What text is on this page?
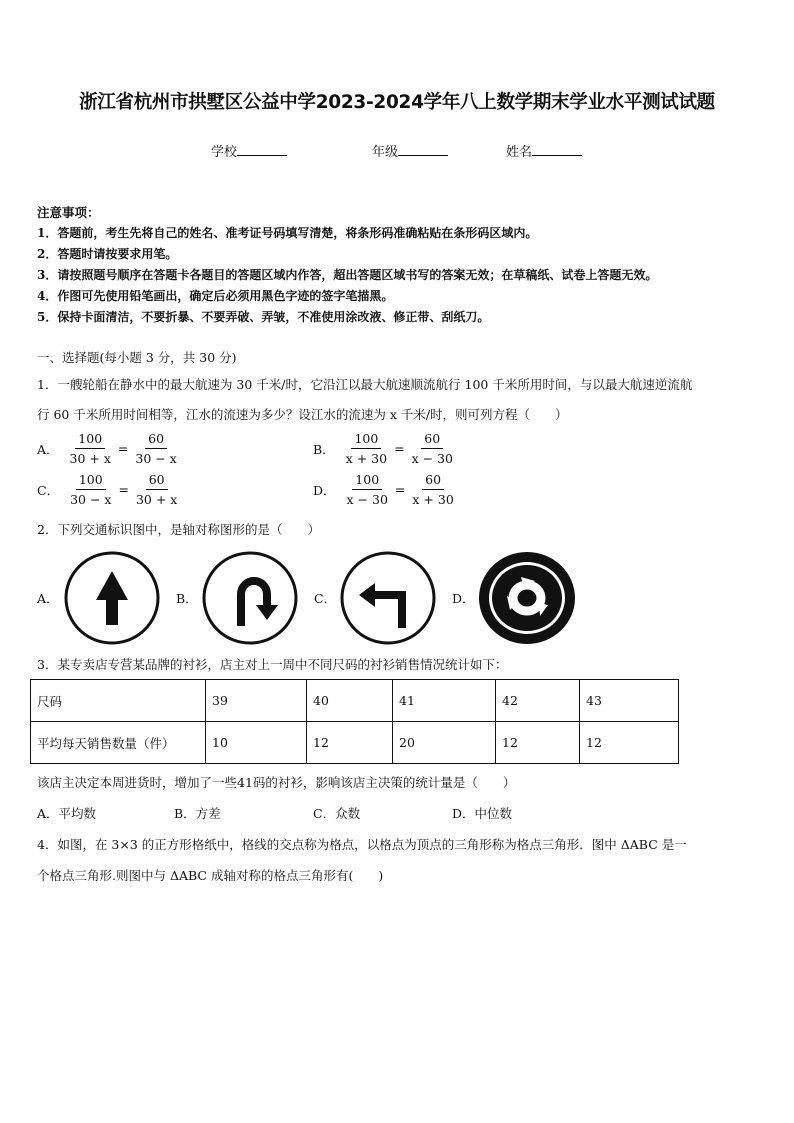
浙江省杭州市拱墅区公益中学2023-2024学年八上数学期末学业水平测试试题
学校	年级	姓名
注意事项：
1．答题前，考生先将自己的姓名、准考证号码填写清楚，将条形码准确粘贴在条形码区域内。
2．答题时请按要求用笔。
3．请按照题号顺序在答题卡各题目的答题区域内作答，超出答题区域书写的答案无效；在草稿纸、试卷上答题无效。
4．作图可先使用铅笔画出，确定后必须用黑色字迹的签字笔描黑。
5．保持卡面清洁，不要折暴、不要弄破、弄皱，不准使用涂改液、修正带、刮纸刀。
一、选择题(每小题 3 分，共 30 分)
1．一艘轮船在静水中的最大航速为 30 千米/时，它沿江以最大航速顺流航行 100 千米所用时间，与以最大航速逆流航
行 60 千米所用时间相等，江水的流速为多少？设江水的流速为 x 千米/时，则可列方程（　　）
A． $\frac{100}{30 + x} = \frac{60}{30 - x}$	B． $\frac{100}{x + 30} = \frac{60}{x - 30}$
C． $\frac{100}{30 - x} = \frac{60}{30 + x}$	D． $\frac{100}{x - 30} = \frac{60}{x + 30}$
2．下列交通标识图中，是轴对称图形的是（　　）
A．	B．	C．	D．
3．某专卖店专营某品牌的衬衫，店主对上一周中不同尺码的衬衫销售情况统计如下：
尺码	39	40	41	42	43
平均每天销售数量（件）	10	12	20	12	12
该店主决定本周进货时，增加了一些41码的衬衫，影响该店主决策的统计量是（　　）
A．平均数	B．方差	C．众数	D．中位数
4．如图，在 3×3 的正方形格纸中，格线的交点称为格点，以格点为顶点的三角形称为格点三角形．图中 ΔABC 是一
个格点三角形.则图中与 ΔABC 成轴对称的格点三角形有(　　)
